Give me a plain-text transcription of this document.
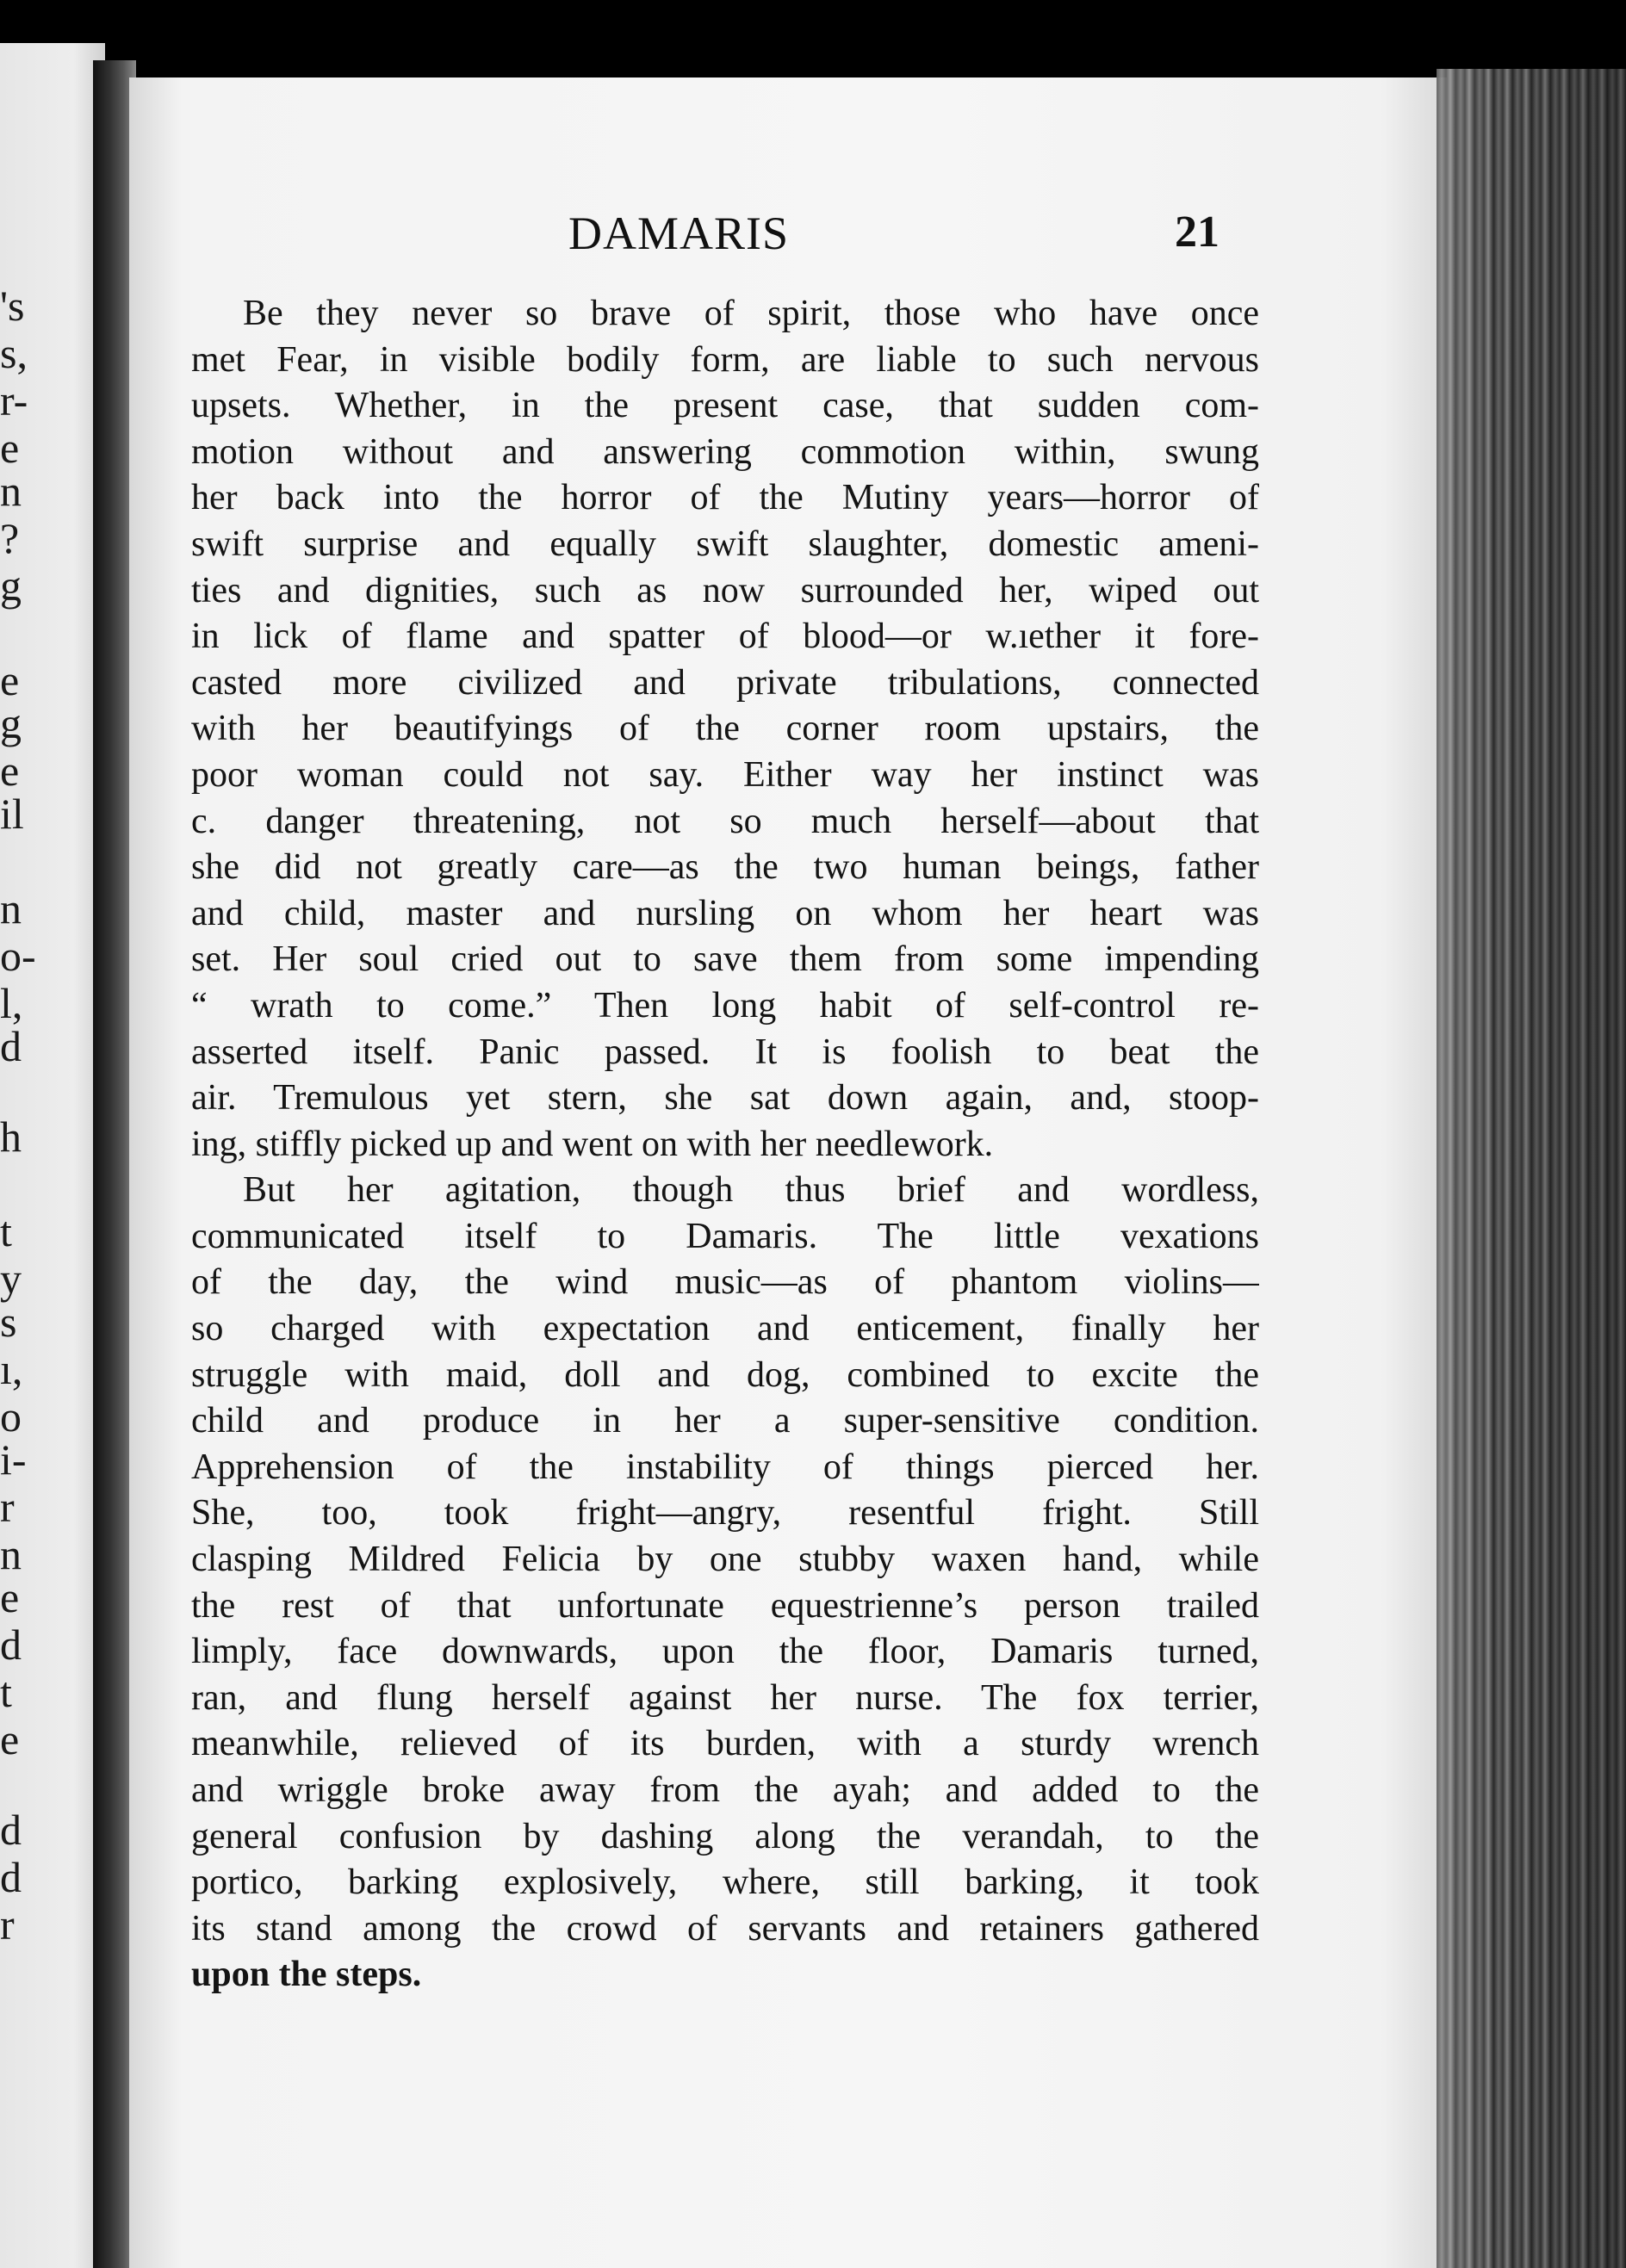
's
s,
r-
e
n
?
g
e
g
e
il
n
o-
l,
d
h
t
y
s
ı,
o
i-
r
n
e
d
t
e
d
d
r
DAMARIS	21
Be they never so brave of spirit, those who have once
met Fear, in visible bodily form, are liable to such nervous
upsets. Whether, in the present case, that sudden com-
motion without and answering commotion within, swung
her back into the horror of the Mutiny years—horror of
swift surprise and equally swift slaughter, domestic ameni-
ties and dignities, such as now surrounded her, wiped out
in lick of flame and spatter of blood—or w.ıether it fore-
casted more civilized and private tribulations, connected
with her beautifyings of the corner room upstairs, the
poor woman could not say. Either way her instinct was
c. danger threatening, not so much herself—about that
she did not greatly care—as the two human beings, father
and child, master and nursling on whom her heart was
set. Her soul cried out to save them from some impending
“ wrath to come.” Then long habit of self-control re-
asserted itself. Panic passed. It is foolish to beat the
air. Tremulous yet stern, she sat down again, and, stoop-
ing, stiffly picked up and went on with her needlework.
But her agitation, though thus brief and wordless,
communicated itself to Damaris. The little vexations
of the day, the wind music—as of phantom violins—
so charged with expectation and enticement, finally her
struggle with maid, doll and dog, combined to excite the
child and produce in her a super-sensitive condition.
Apprehension of the instability of things pierced her.
She, too, took fright—angry, resentful fright. Still
clasping Mildred Felicia by one stubby waxen hand, while
the rest of that unfortunate equestrienne’s person trailed
limply, face downwards, upon the floor, Damaris turned,
ran, and flung herself against her nurse. The fox terrier,
meanwhile, relieved of its burden, with a sturdy wrench
and wriggle broke away from the ayah; and added to the
general confusion by dashing along the verandah, to the
portico, barking explosively, where, still barking, it took
its stand among the crowd of servants and retainers gathered
upon the steps.
